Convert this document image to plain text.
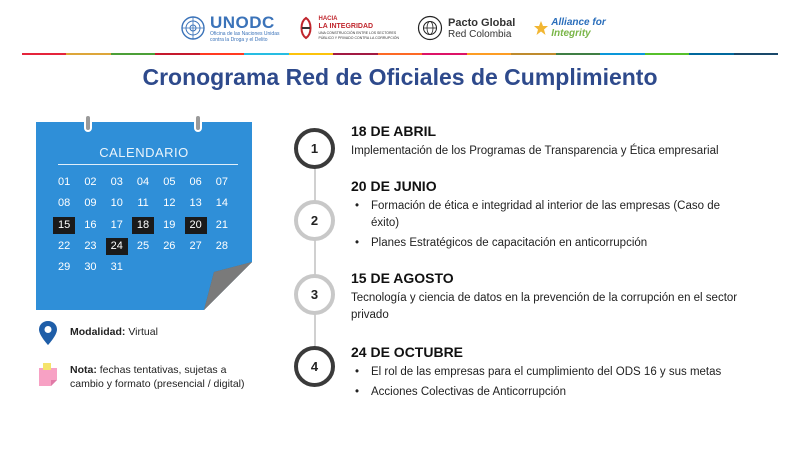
UNODC
Oficina de las Naciones Unidas
contra la Droga y el Delito
HACIA
LA INTEGRIDAD
UNA CONSTRUCCIÓN ENTRE LOS SECTORES
PÚBLICO Y PRIVADO CONTRA LA CORRUPCIÓN
Pacto Global
Red Colombia
Alliance for
Integrity
Cronograma Red de Oficiales de Cumplimiento
CALENDARIO
01	02	03	04	05	06	07
08	09	10	11	12	13	14
15	16	17	18	19	20	21
22	23	24	25	26	27	28
29	30	31
Modalidad: Virtual
Nota: fechas tentativas, sujetas a cambio y formato (presencial / digital)
1
2
3
4
18 DE ABRIL
Implementación de los Programas de Transparencia y Ética empresarial
20 DE JUNIO
• Formación de ética e integridad al interior de las empresas (Caso de éxito)
• Planes Estratégicos de capacitación en anticorrupción
15 DE AGOSTO
Tecnología y ciencia de datos en la prevención de la corrupción en el sector privado
24 DE OCTUBRE
• El rol de las empresas para el cumplimiento del ODS 16 y sus metas
• Acciones Colectivas de Anticorrupción
